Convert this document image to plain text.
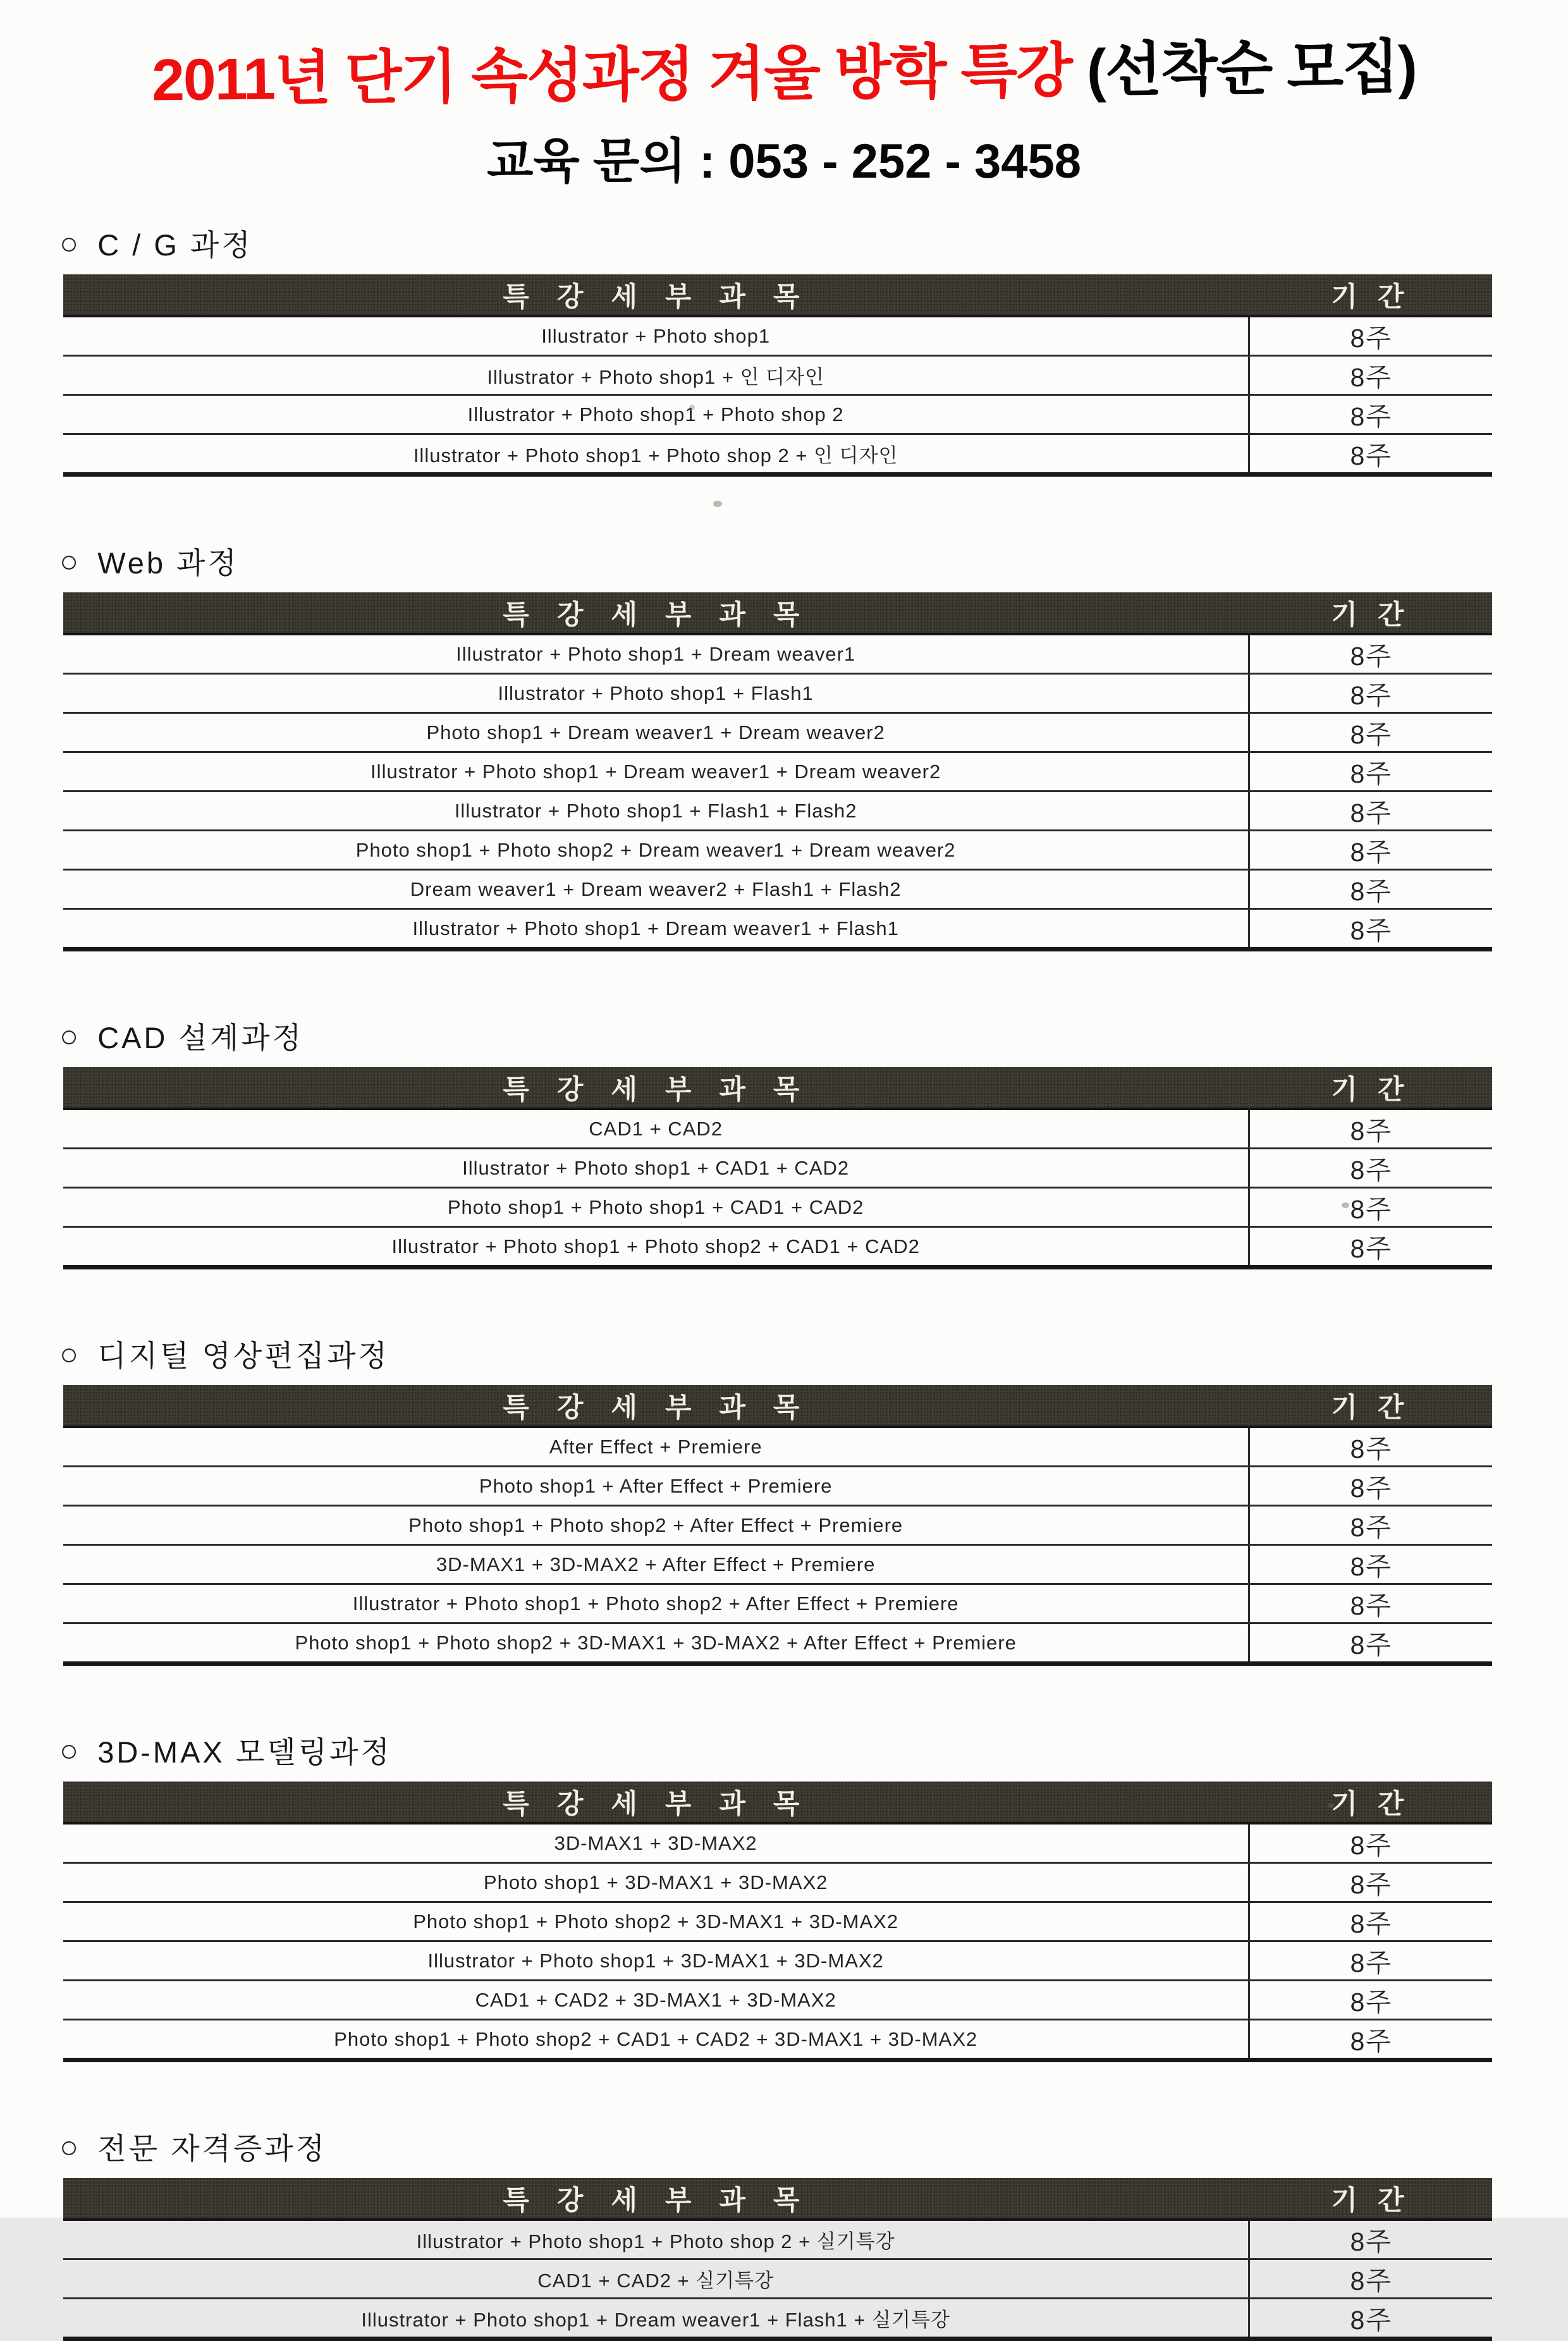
2011년 단기 속성과정 겨울 방학 특강 (선착순 모집)

교육 문의 : 053 - 252 - 3458

○ C / G 과정
특 강 세 부 과 목	기 간
Illustrator + Photo shop1	8주
Illustrator + Photo shop1 + 인 디자인	8주
Illustrator + Photo shop1 + Photo shop 2	8주
Illustrator + Photo shop1 + Photo shop 2 + 인 디자인	8주
○ Web 과정
특 강 세 부 과 목	기 간
Illustrator + Photo shop1 + Dream weaver1	8주
Illustrator + Photo shop1 + Flash1	8주
Photo shop1 + Dream weaver1 + Dream weaver2	8주
Illustrator + Photo shop1 + Dream weaver1 + Dream weaver2	8주
Illustrator + Photo shop1 + Flash1 + Flash2	8주
Photo shop1 + Photo shop2 + Dream weaver1 + Dream weaver2	8주
Dream weaver1 + Dream weaver2 + Flash1 + Flash2	8주
Illustrator + Photo shop1 + Dream weaver1 + Flash1	8주
○ CAD 설계과정
특 강 세 부 과 목	기 간
CAD1 + CAD2	8주
Illustrator + Photo shop1 + CAD1 + CAD2	8주
Photo shop1 + Photo shop1 + CAD1 + CAD2	8주
Illustrator + Photo shop1 + Photo shop2 + CAD1 + CAD2	8주
○ 디지털 영상편집과정
특 강 세 부 과 목	기 간
After Effect + Premiere	8주
Photo shop1 + After Effect + Premiere	8주
Photo shop1 + Photo shop2 + After Effect + Premiere	8주
3D-MAX1 + 3D-MAX2 + After Effect + Premiere	8주
Illustrator + Photo shop1 + Photo shop2 + After Effect + Premiere	8주
Photo shop1 + Photo shop2 + 3D-MAX1 + 3D-MAX2 + After Effect + Premiere	8주
○ 3D-MAX 모델링과정
특 강 세 부 과 목	기 간
3D-MAX1 + 3D-MAX2	8주
Photo shop1 + 3D-MAX1 + 3D-MAX2	8주
Photo shop1 + Photo shop2 + 3D-MAX1 + 3D-MAX2	8주
Illustrator + Photo shop1 + 3D-MAX1 + 3D-MAX2	8주
CAD1 + CAD2 + 3D-MAX1 + 3D-MAX2	8주
Photo shop1 + Photo shop2 + CAD1 + CAD2 + 3D-MAX1 + 3D-MAX2	8주
○ 전문 자격증과정
특 강 세 부 과 목	기 간
Illustrator + Photo shop1 + Photo shop 2 + 실기특강	8주
CAD1 + CAD2 + 실기특강	8주
Illustrator + Photo shop1 + Dream weaver1 + Flash1 + 실기특강	8주
